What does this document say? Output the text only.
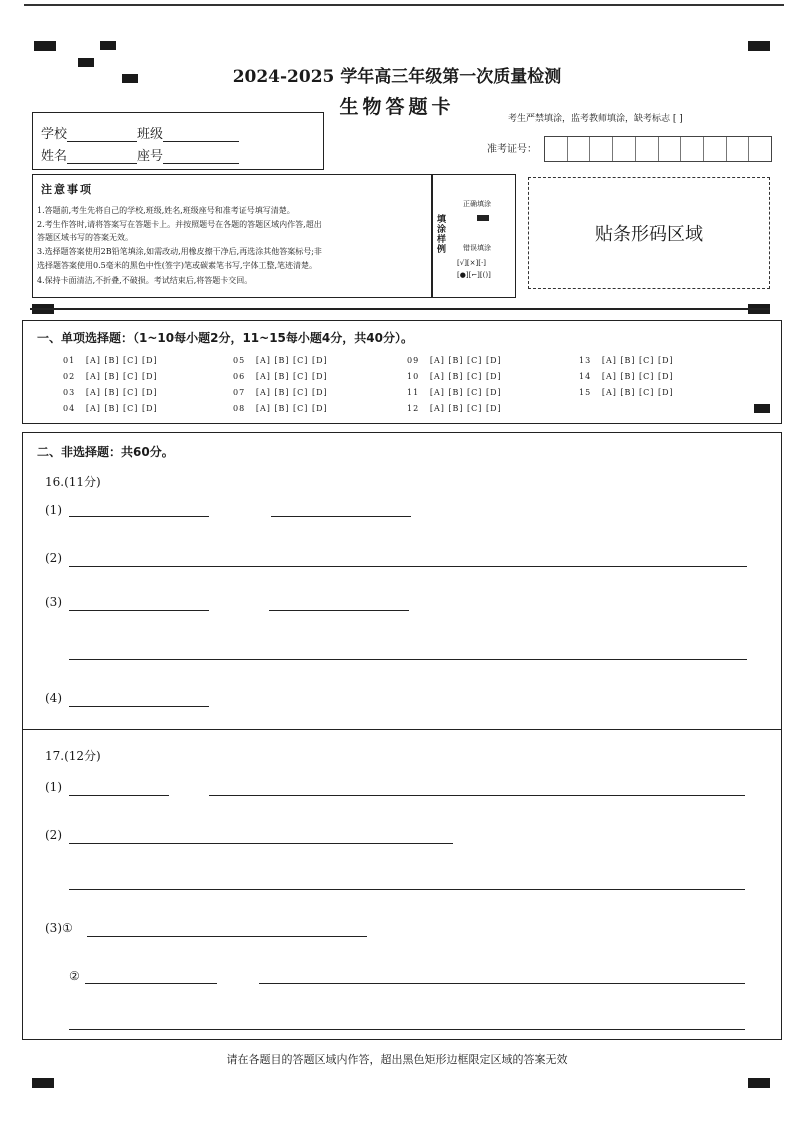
2024-2025 学年高三年级第一次质量检测
生物答题卡
学校	班级
姓名	座号
考生严禁填涂，监考教师填涂，缺考标志 [ ]
准考证号：
注意事项
1.答题前,考生先将自己的学校,班级,姓名,班级座号和准考证号填写清楚。
2.考生作答时,请将答案写在答题卡上。并按照题号在各题的答题区域内作答,超出
答题区域书写的答案无效。
3.选择题答案使用2B铅笔填涂,如需改动,用橡皮擦干净后,再选涂其他答案标号;非
选择题答案使用0.5毫米的黑色中性(签字)笔或碳素笔书写,字体工整,笔迹清楚。
4.保持卡面清洁,不折叠,不破损。考试结束后,将答题卡交回。
填涂样例
正确填涂
错误填涂
[√][×][·]
[●][⌐][()]
贴条形码区域
一、单项选择题：（1~10每小题2分，11~15每小题4分，共40分）。
01 [A] [B] [C] [D]
02 [A] [B] [C] [D]
03 [A] [B] [C] [D]
04 [A] [B] [C] [D]
05 [A] [B] [C] [D]
06 [A] [B] [C] [D]
07 [A] [B] [C] [D]
08 [A] [B] [C] [D]
09 [A] [B] [C] [D]
10 [A] [B] [C] [D]
11 [A] [B] [C] [D]
12 [A] [B] [C] [D]
13 [A] [B] [C] [D]
14 [A] [B] [C] [D]
15 [A] [B] [C] [D]
二、非选择题：共60分。
16.(11分)
(1)
(2)
(3)
(4)
17.(12分)
(1)
(2)
(3)①
②
请在各题目的答题区域内作答，超出黑色矩形边框限定区域的答案无效
